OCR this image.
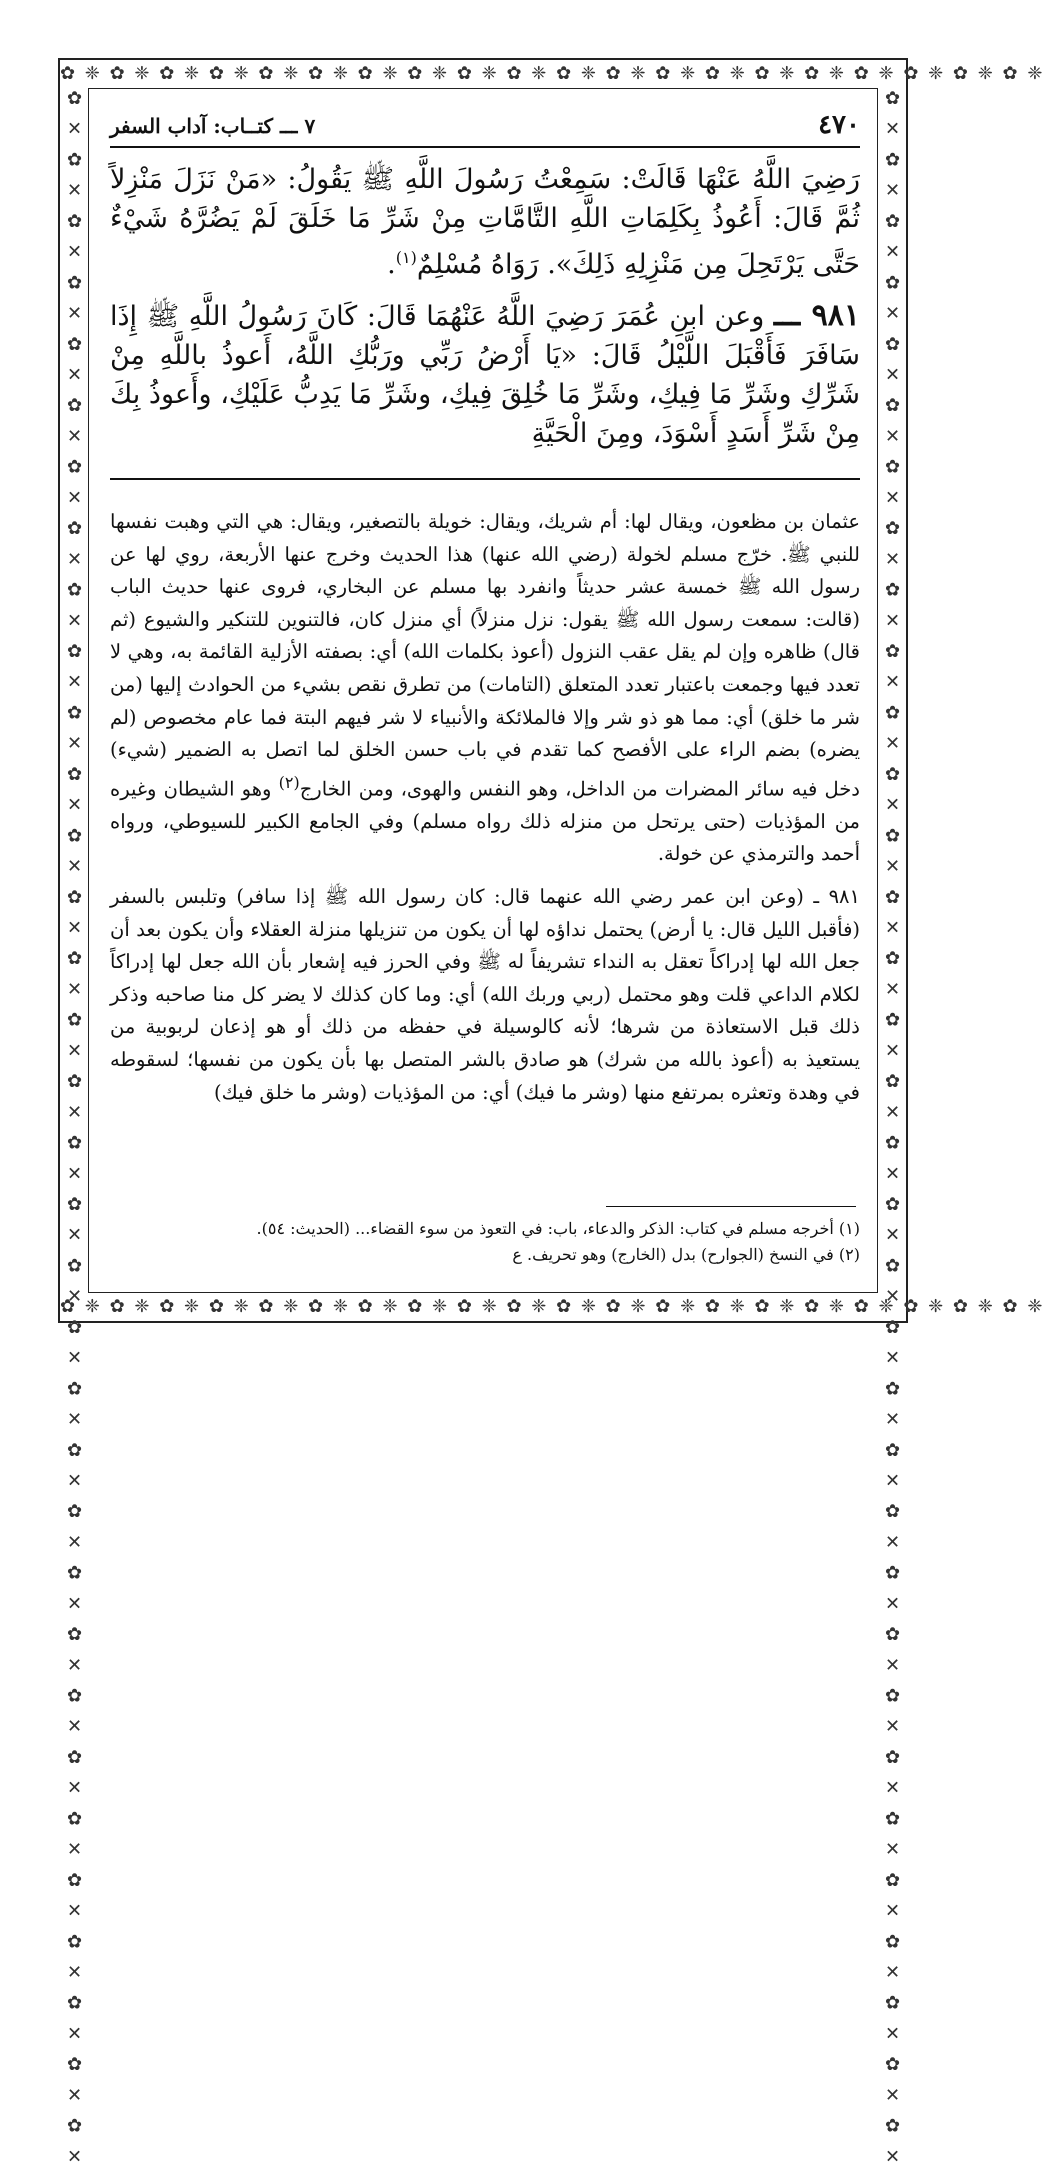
✿ ❈ ✿ ❈ ✿ ❈ ✿ ❈ ✿ ❈ ✿ ❈ ✿ ❈ ✿ ❈ ✿ ❈ ✿ ❈ ✿ ❈ ✿ ❈ ✿ ❈ ✿ ❈ ✿ ❈ ✿ ❈ ✿ ❈ ✿ ❈ ✿ ❈ ✿ ❈
✿ ❈ ✿ ❈ ✿ ❈ ✿ ❈ ✿ ❈ ✿ ❈ ✿ ❈ ✿ ❈ ✿ ❈ ✿ ❈ ✿ ❈ ✿ ❈ ✿ ❈ ✿ ❈ ✿ ❈ ✿ ❈ ✿ ❈ ✿ ❈ ✿ ❈ ✿ ❈
✿ ✕ ✿ ✕ ✿ ✕ ✿ ✕ ✿ ✕ ✿ ✕ ✿ ✕ ✿ ✕ ✿ ✕ ✿ ✕ ✿ ✕ ✿ ✕ ✿ ✕ ✿ ✕ ✿ ✕ ✿ ✕ ✿ ✕ ✿ ✕ ✿ ✕ ✿ ✕ ✿ ✕ ✿ ✕ ✿ ✕ ✿ ✕ ✿ ✕ ✿ ✕ ✿ ✕ ✿ ✕ ✿ ✕ ✿ ✕ ✿ ✕ ✿ ✕ ✿ ✕ ✿ ✕	✿ ✕ ✿ ✕ ✿ ✕ ✿ ✕ ✿ ✕ ✿ ✕ ✿ ✕ ✿ ✕ ✿ ✕ ✿ ✕ ✿ ✕ ✿ ✕ ✿ ✕ ✿ ✕ ✿ ✕ ✿ ✕ ✿ ✕ ✿ ✕ ✿ ✕ ✿ ✕ ✿ ✕ ✿ ✕ ✿ ✕ ✿ ✕ ✿ ✕ ✿ ✕ ✿ ✕ ✿ ✕ ✿ ✕ ✿ ✕ ✿ ✕ ✿ ✕ ✿ ✕ ✿ ✕
٤٧٠
٧ ـــ كتــاب: آداب السفر

رَضِيَ اللَّهُ عَنْهَا قَالَتْ: سَمِعْتُ رَسُولَ اللَّهِ ﷺ يَقُولُ: «مَنْ نَزَلَ مَنْزِلاً ثُمَّ قَالَ: أَعُوذُ بِكَلِمَاتِ اللَّهِ التَّامَّاتِ مِنْ شَرِّ مَا خَلَقَ لَمْ يَضُرَّهُ شَيْءٌ حَتَّى يَرْتَحِلَ مِن مَنْزِلِهِ ذَلِكَ». رَوَاهُ مُسْلِمٌ$^{(١)}$.

٩٨١ ـــ وعن ابنِ عُمَرَ رَضِيَ اللَّهُ عَنْهُمَا قَالَ: كَانَ رَسُولُ اللَّهِ ﷺ إِذَا سَافَرَ فَأَقْبَلَ اللَّيْلُ قَالَ: «يَا أَرْضُ رَبِّي ورَبُّكِ اللَّهُ، أَعوذُ باللَّهِ مِنْ شَرِّكِ وشَرِّ مَا فِيكِ، وشَرِّ مَا خُلِقَ فِيكِ، وشَرِّ مَا يَدِبُّ عَلَيْكِ، وأَعوذُ بِكَ مِنْ شَرِّ أَسَدٍ أَسْوَدَ، ومِنَ الْحَيَّةِ

عثمان بن مظعون، ويقال لها: أم شريك، ويقال: خويلة بالتصغير، ويقال: هي التي وهبت نفسها للنبي ﷺ. خرّج مسلم لخولة (رضي الله عنها) هذا الحديث وخرج عنها الأربعة، روي لها عن رسول الله ﷺ خمسة عشر حديثاً وانفرد بها مسلم عن البخاري، فروى عنها حديث الباب (قالت: سمعت رسول الله ﷺ يقول: نزل منزلاً) أي منزل كان، فالتنوين للتنكير والشيوع (ثم قال) ظاهره وإن لم يقل عقب النزول (أعوذ بكلمات الله) أي: بصفته الأزلية القائمة به، وهي لا تعدد فيها وجمعت باعتبار تعدد المتعلق (التامات) من تطرق نقص بشيء من الحوادث إليها (من شر ما خلق) أي: مما هو ذو شر وإلا فالملائكة والأنبياء لا شر فيهم البتة فما عام مخصوص (لم يضره) بضم الراء على الأفصح كما تقدم في باب حسن الخلق لما اتصل به الضمير (شيء) دخل فيه سائر المضرات من الداخل، وهو النفس والهوى، ومن الخارج$^{(٢)}$ وهو الشيطان وغيره من المؤذيات (حتى يرتحل من منزله ذلك رواه مسلم) وفي الجامع الكبير للسيوطي، ورواه أحمد والترمذي عن خولة.

٩٨١ ـ (وعن ابن عمر رضي الله عنهما قال: كان رسول الله ﷺ إذا سافر) وتلبس بالسفر (فأقبل الليل قال: يا أرض) يحتمل نداؤه لها أن يكون من تنزيلها منزلة العقلاء وأن يكون بعد أن جعل الله لها إدراكاً تعقل به النداء تشريفاً له ﷺ وفي الحرز فيه إشعار بأن الله جعل لها إدراكاً لكلام الداعي قلت وهو محتمل (ربي وربك الله) أي: وما كان كذلك لا يضر كل منا صاحبه وذكر ذلك قبل الاستعاذة من شرها؛ لأنه كالوسيلة في حفظه من ذلك أو هو إذعان لربوبية من يستعيذ به (أعوذ بالله من شرك) هو صادق بالشر المتصل بها بأن يكون من نفسها؛ لسقوطه في وهدة وتعثره بمرتفع منها (وشر ما فيك) أي: من المؤذيات (وشر ما خلق فيك)

(١) أخرجه مسلم في كتاب: الذكر والدعاء، باب: في التعوذ من سوء القضاء... (الحديث: ٥٤).
(٢) في النسخ (الجوارح) بدل (الخارج) وهو تحريف. ع
